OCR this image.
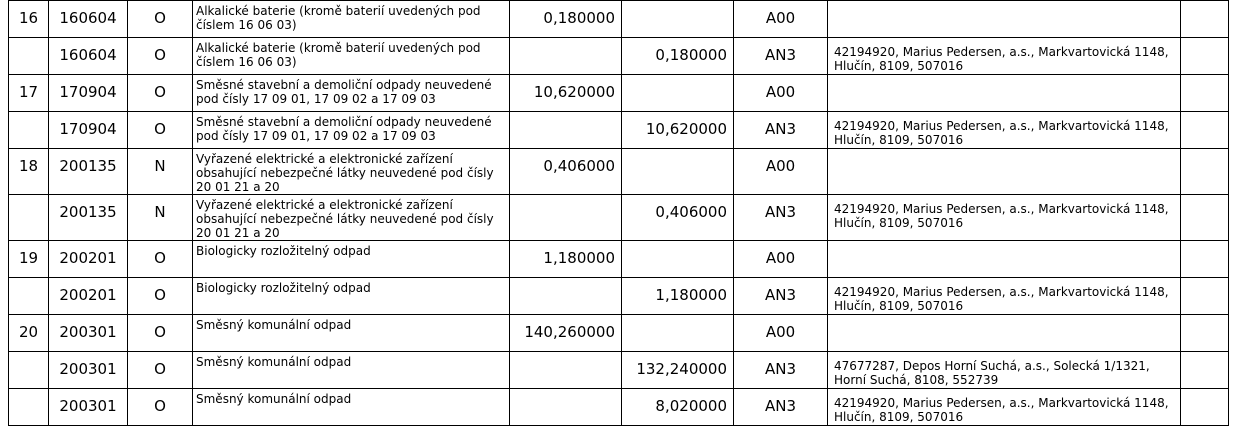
16	160604	O	Alkalické baterie (kromě baterií uvedených pod číslem 16 06 03)	0,180000		A00	

	160604	O	Alkalické baterie (kromě baterií uvedených pod číslem 16 06 03)		0,180000	AN3	42194920, Marius Pedersen, a.s., Markvartovická 1148, Hlučín, 8109, 507016	

17	170904	O	Směsné stavební a demoliční odpady neuvedené pod čísly 17 09 01, 17 09 02 a 17 09 03	10,620000		A00	

	170904	O	Směsné stavební a demoliční odpady neuvedené pod čísly 17 09 01, 17 09 02 a 17 09 03		10,620000	AN3	42194920, Marius Pedersen, a.s., Markvartovická 1148, Hlučín, 8109, 507016	

18	200135	N	Vyřazené elektrické a elektronické zařízení obsahující nebezpečné látky neuvedené pod čísly 20 01 21 a 20	0,406000		A00	

	200135	N	Vyřazené elektrické a elektronické zařízení obsahující nebezpečné látky neuvedené pod čísly 20 01 21 a 20		0,406000	AN3	42194920, Marius Pedersen, a.s., Markvartovická 1148, Hlučín, 8109, 507016	

19	200201	O	Biologicky rozložitelný odpad	1,180000		A00	

	200201	O	Biologicky rozložitelný odpad		1,180000	AN3	42194920, Marius Pedersen, a.s., Markvartovická 1148, Hlučín, 8109, 507016	

20	200301	O	Směsný komunální odpad	140,260000		A00	

	200301	O	Směsný komunální odpad		132,240000	AN3	47677287, Depos Horní Suchá, a.s., Solecká 1/1321, Horní Suchá, 8108, 552739	

	200301	O	Směsný komunální odpad		8,020000	AN3	42194920, Marius Pedersen, a.s., Markvartovická 1148, Hlučín, 8109, 507016	
